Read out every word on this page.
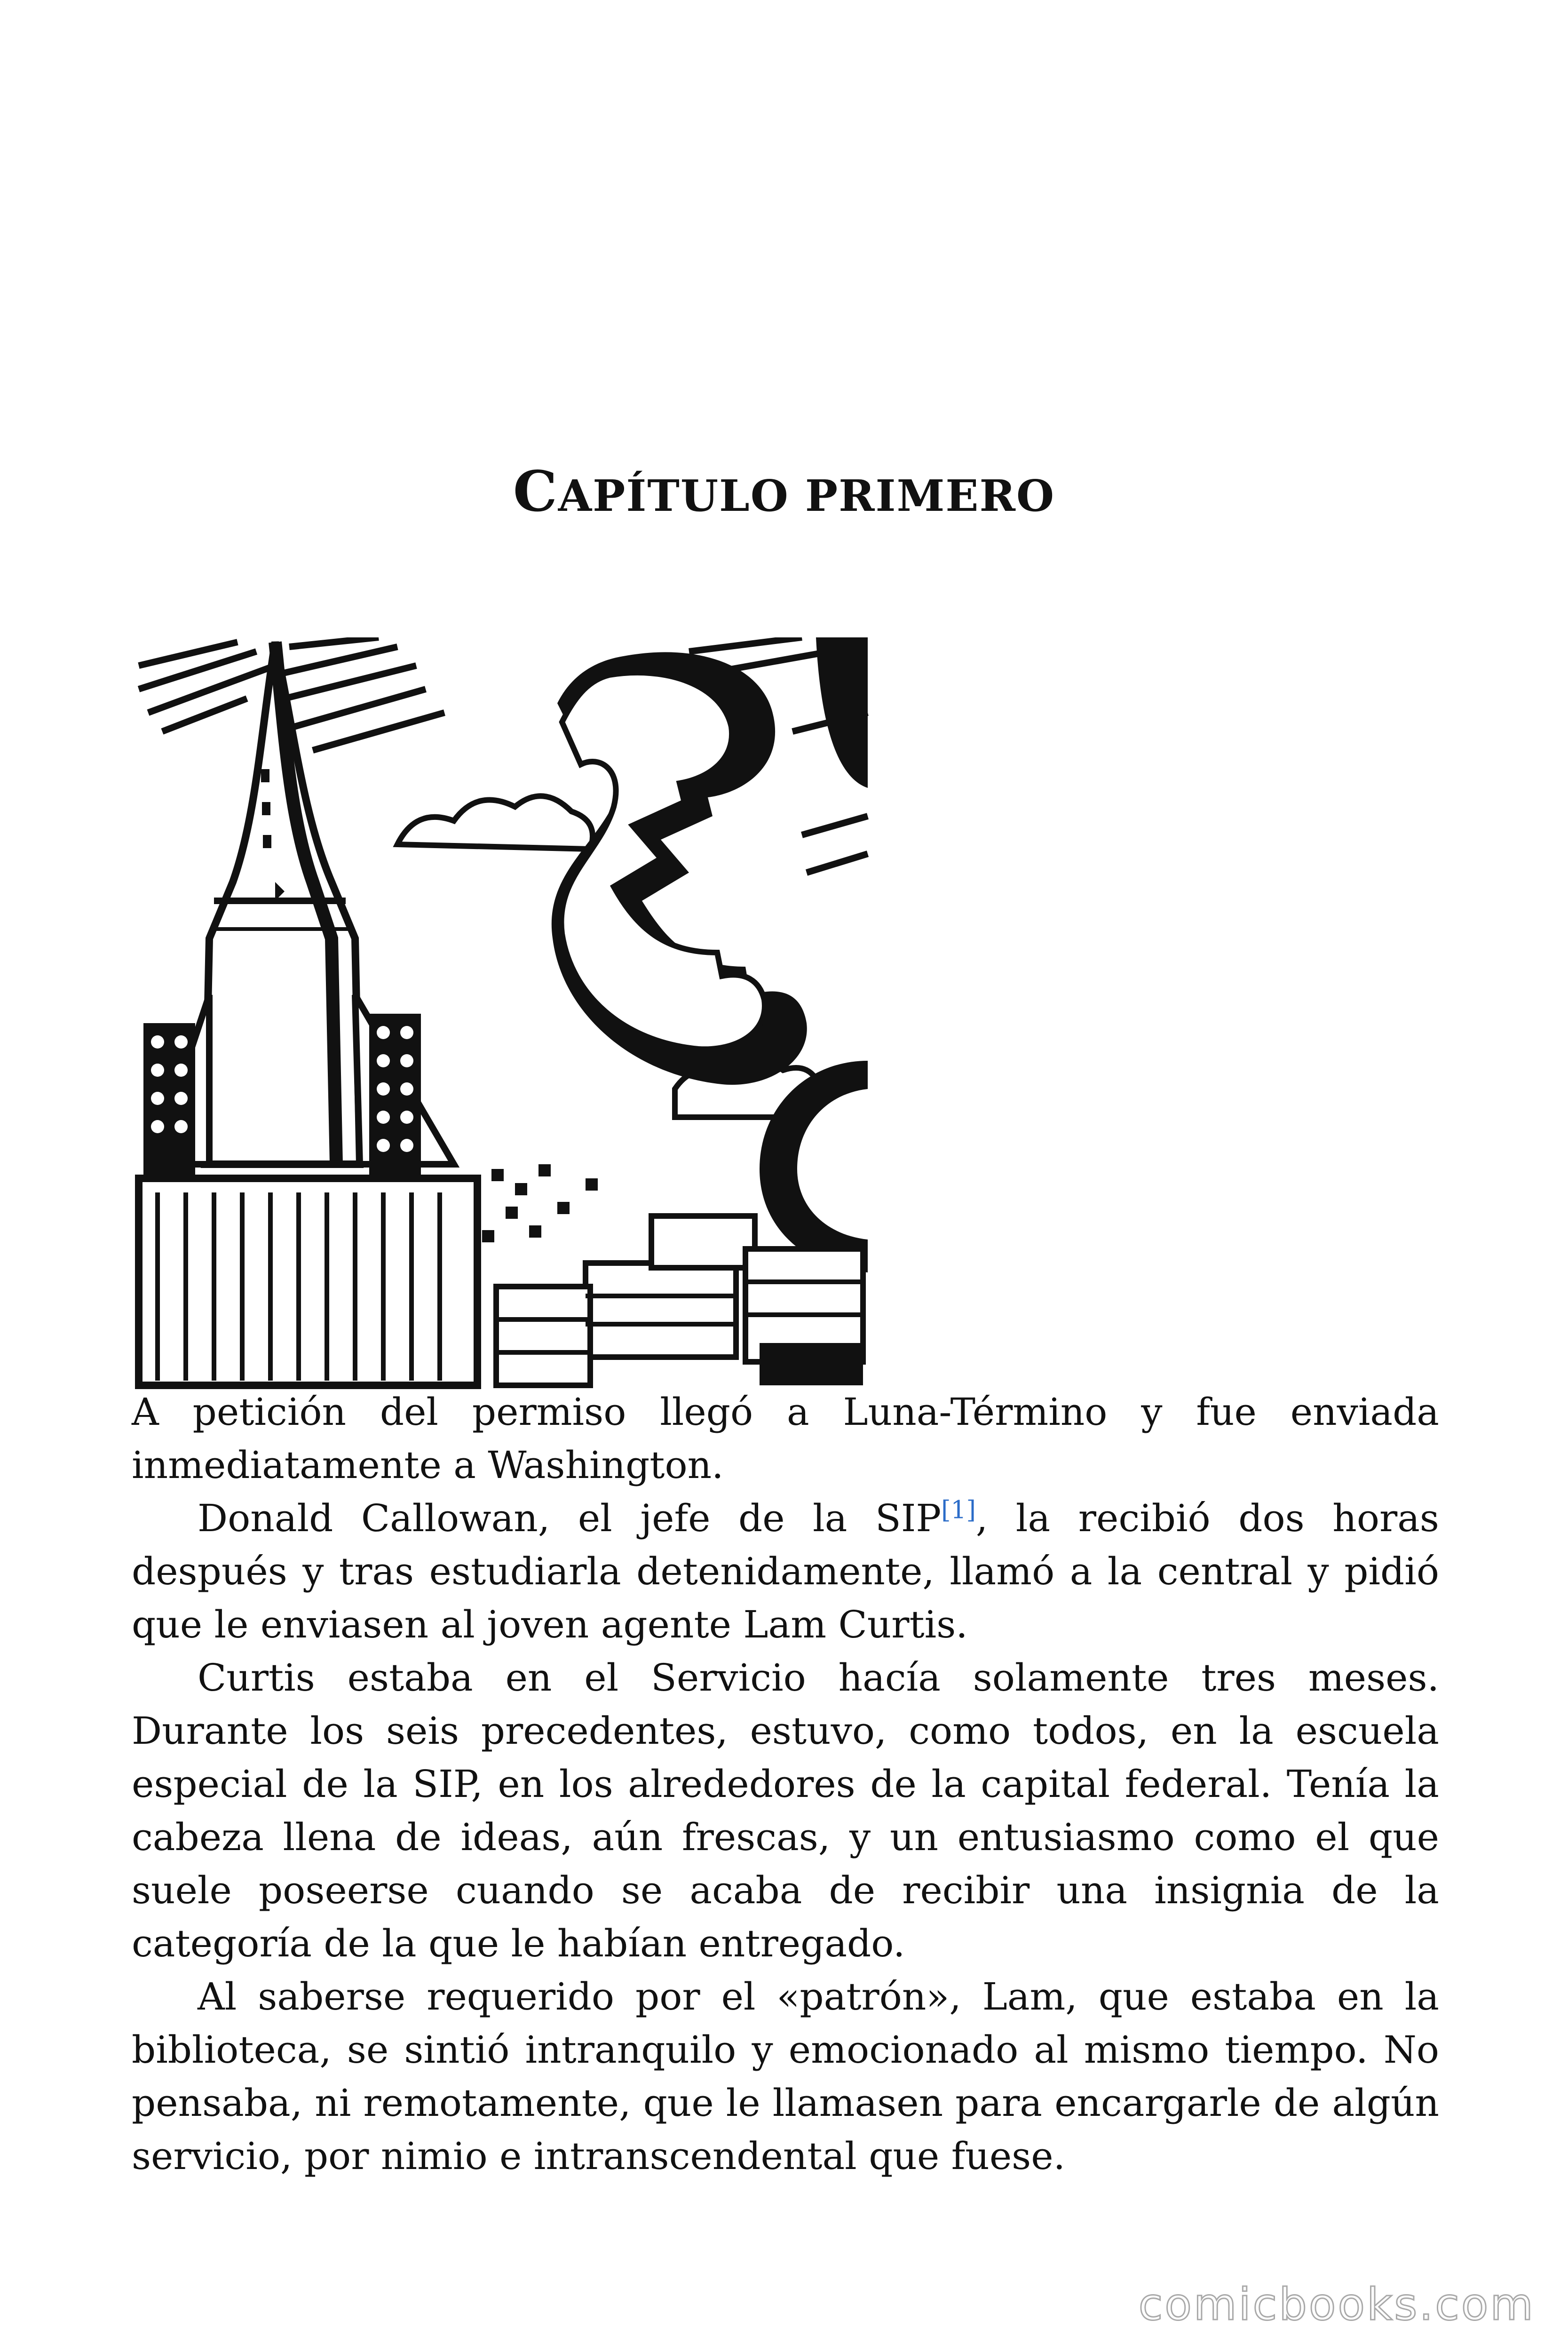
CAPÍTULO PRIMERO

A petición del permiso llegó a Luna-Término y fue enviada inmediatamente a Washington.

Donald Callowan, el jefe de la SIP[1], la recibió dos horas después y tras estudiarla detenidamente, llamó a la central y pidió que le enviasen al joven agente Lam Curtis.

Curtis estaba en el Servicio hacía solamente tres meses. Durante los seis precedentes, estuvo, como todos, en la escuela especial de la SIP, en los alrededores de la capital federal. Tenía la cabeza llena de ideas, aún frescas, y un entusiasmo como el que suele poseerse cuando se acaba de recibir una insignia de la categoría de la que le habían entregado.

Al saberse requerido por el «patrón», Lam, que estaba en la biblioteca, se sintió intranquilo y emocionado al mismo tiempo. No pensaba, ni remotamente, que le llamasen para encargarle de algún servicio, por nimio e intranscendental que fuese.

comicbooks.com
